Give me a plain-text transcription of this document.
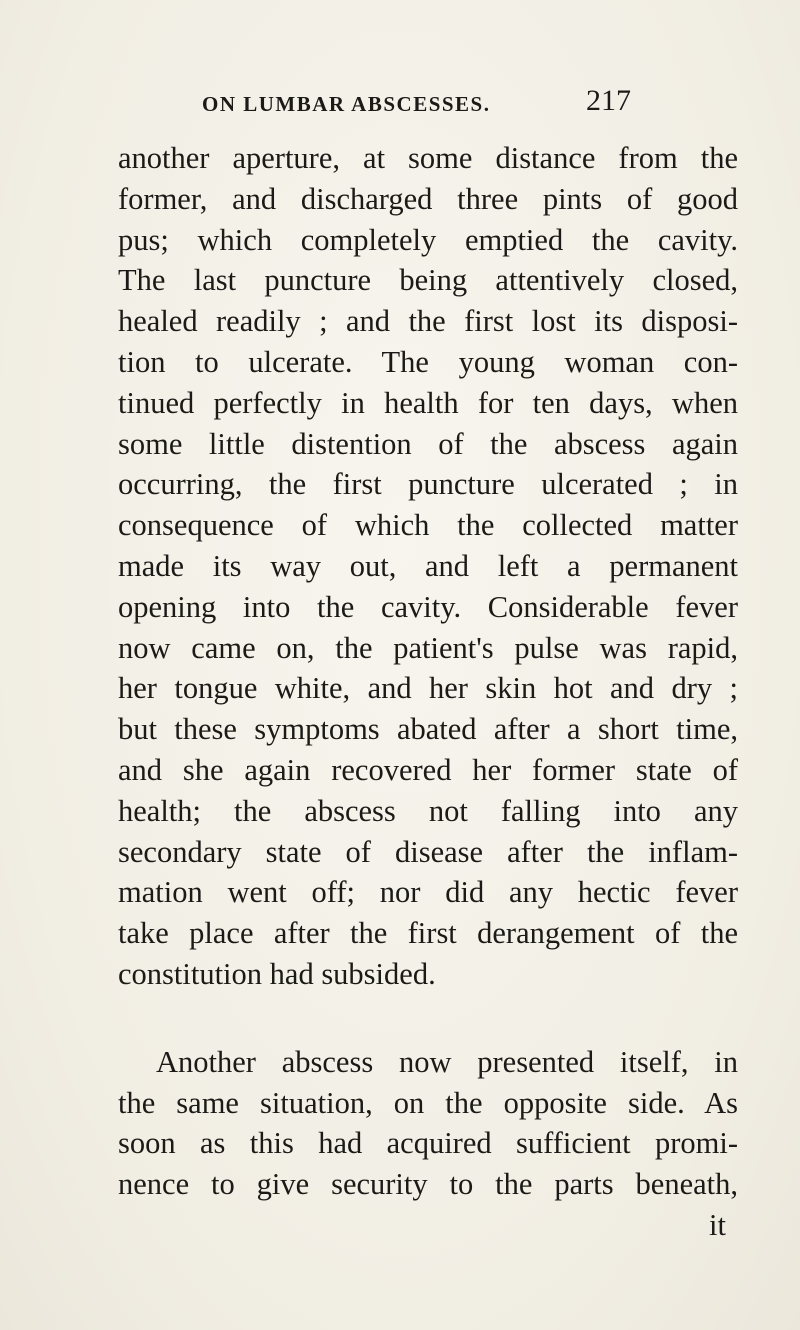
ON LUMBAR ABSCESSES.	217
another aperture, at some distance from the
former, and discharged three pints of good
pus; which completely emptied the cavity.
The last puncture being attentively closed,
healed readily ; and the first lost its disposi-
tion to ulcerate. The young woman con-
tinued perfectly in health for ten days, when
some little distention of the abscess again
occurring, the first puncture ulcerated ; in
consequence of which the collected matter
made its way out, and left a permanent
opening into the cavity. Considerable fever
now came on, the patient's pulse was rapid,
her tongue white, and her skin hot and dry ;
but these symptoms abated after a short time,
and she again recovered her former state of
health; the abscess not falling into any
secondary state of disease after the inflam-
mation went off; nor did any hectic fever
take place after the first derangement of the
constitution had subsided.
Another abscess now presented itself, in
the same situation, on the opposite side. As
soon as this had acquired sufficient promi-
nence to give security to the parts beneath,
it
